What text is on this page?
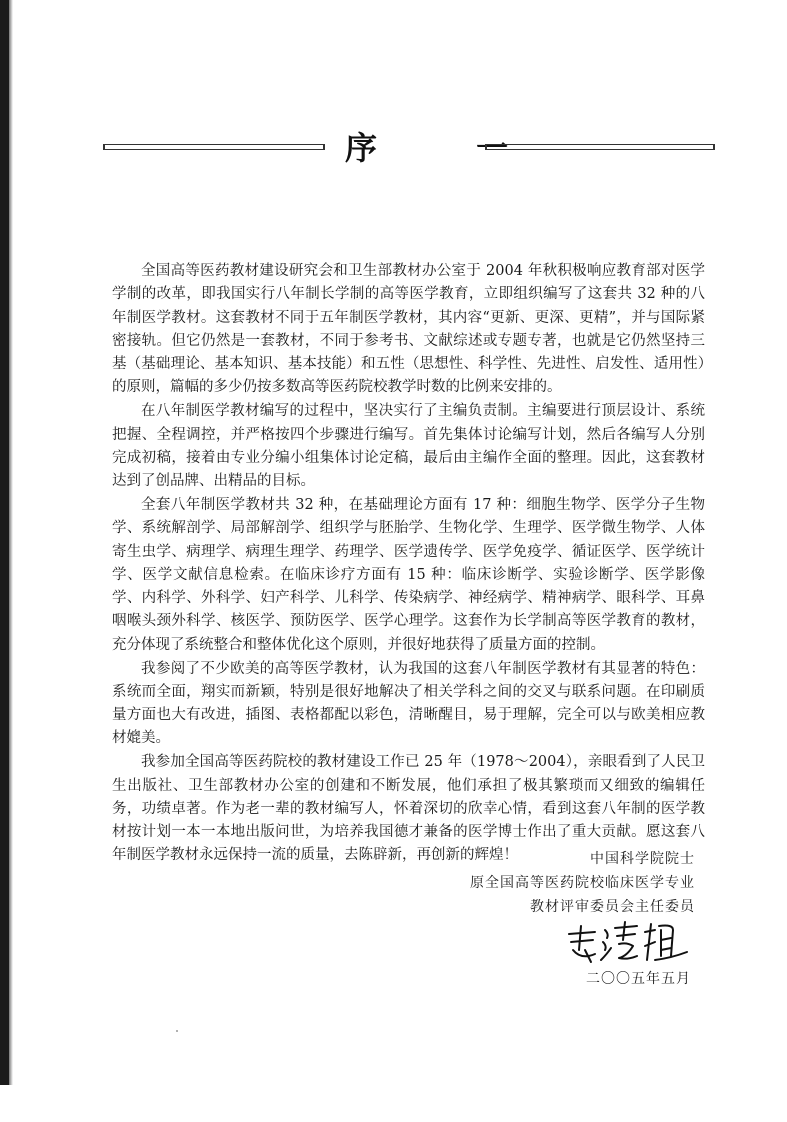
序 一

全国高等医药教材建设研究会和卫生部教材办公室于 2004 年秋积极响应教育部对医学学制的改革，即我国实行八年制长学制的高等医学教育，立即组织编写了这套共 32 种的八年制医学教材。这套教材不同于五年制医学教材，其内容“更新、更深、更精”，并与国际紧密接轨。但它仍然是一套教材，不同于参考书、文献综述或专题专著，也就是它仍然坚持三基（基础理论、基本知识、基本技能）和五性（思想性、科学性、先进性、启发性、适用性）的原则，篇幅的多少仍按多数高等医药院校教学时数的比例来安排的。

在八年制医学教材编写的过程中，坚决实行了主编负责制。主编要进行顶层设计、系统把握、全程调控，并严格按四个步骤进行编写。首先集体讨论编写计划，然后各编写人分别完成初稿，接着由专业分编小组集体讨论定稿，最后由主编作全面的整理。因此，这套教材达到了创品牌、出精品的目标。

全套八年制医学教材共 32 种，在基础理论方面有 17 种：细胞生物学、医学分子生物学、系统解剖学、局部解剖学、组织学与胚胎学、生物化学、生理学、医学微生物学、人体寄生虫学、病理学、病理生理学、药理学、医学遗传学、医学免疫学、循证医学、医学统计学、医学文献信息检索。在临床诊疗方面有 15 种：临床诊断学、实验诊断学、医学影像学、内科学、外科学、妇产科学、儿科学、传染病学、神经病学、精神病学、眼科学、耳鼻咽喉头颈外科学、核医学、预防医学、医学心理学。这套作为长学制高等医学教育的教材，充分体现了系统整合和整体优化这个原则，并很好地获得了质量方面的控制。

我参阅了不少欧美的高等医学教材，认为我国的这套八年制医学教材有其显著的特色：系统而全面，翔实而新颖，特别是很好地解决了相关学科之间的交叉与联系问题。在印刷质量方面也大有改进，插图、表格都配以彩色，清晰醒目，易于理解，完全可以与欧美相应教材媲美。

我参加全国高等医药院校的教材建设工作已 25 年（1978～2004），亲眼看到了人民卫生出版社、卫生部教材办公室的创建和不断发展，他们承担了极其繁琐而又细致的编辑任务，功绩卓著。作为老一辈的教材编写人，怀着深切的欣幸心情，看到这套八年制的医学教材按计划一本一本地出版问世，为培养我国德才兼备的医学博士作出了重大贡献。愿这套八年制医学教材永远保持一流的质量，去陈辟新，再创新的辉煌！	中国科学院院士
原全国高等医药院校临床医学专业
教材评审委员会主任委员
二〇〇五年五月
